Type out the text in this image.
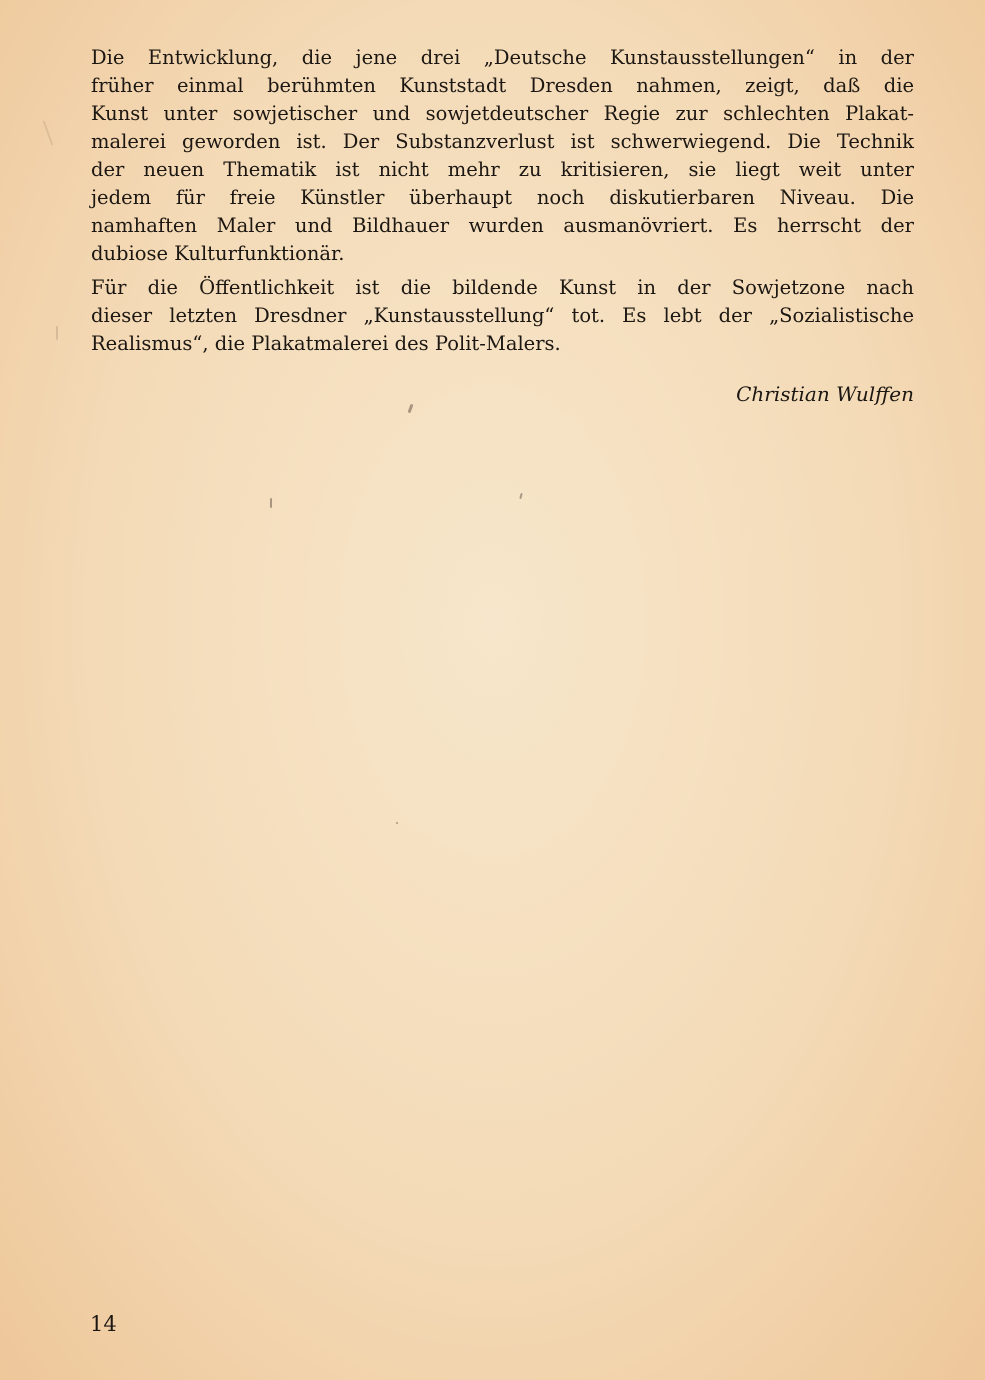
Die Entwicklung, die jene drei „Deutsche Kunstausstellungen“ in der
früher einmal berühmten Kunststadt Dresden nahmen, zeigt, daß die
Kunst unter sowjetischer und sowjetdeutscher Regie zur schlechten Plakat-
malerei geworden ist. Der Substanzverlust ist schwerwiegend. Die Technik
der neuen Thematik ist nicht mehr zu kritisieren, sie liegt weit unter
jedem für freie Künstler überhaupt noch diskutierbaren Niveau. Die
namhaften Maler und Bildhauer wurden ausmanövriert. Es herrscht der
dubiose Kulturfunktionär.

Für die Öffentlichkeit ist die bildende Kunst in der Sowjetzone nach
dieser letzten Dresdner „Kunstausstellung“ tot. Es lebt der „Sozialistische
Realismus“, die Plakatmalerei des Polit-Malers.

Christian Wulffen
14
